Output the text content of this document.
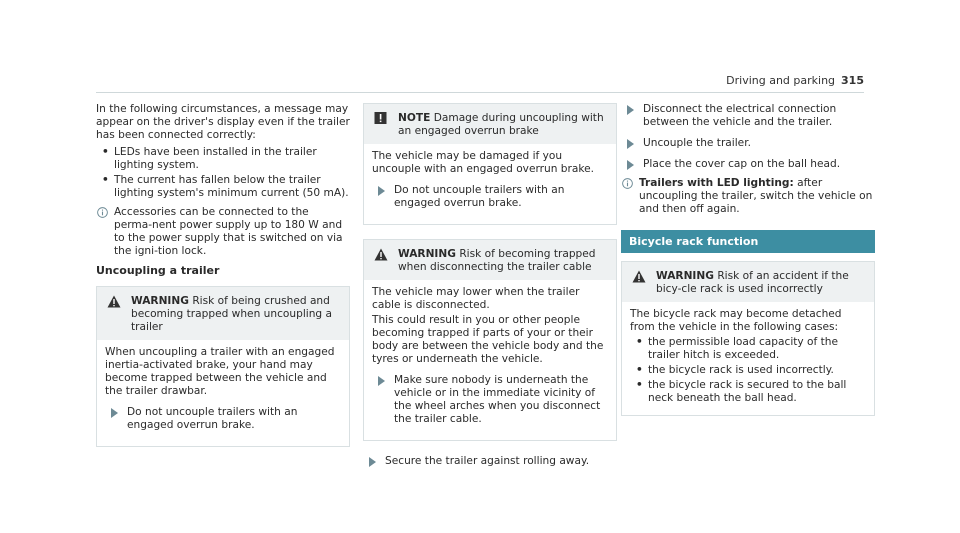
Driving and parking 315

In the following circumstances, a message may appear on the driver's display even if the trailer has been connected correctly:

• LEDs have been installed in the trailer lighting system.
• The current has fallen below the trailer lighting system's minimum current (50 mA).
Accessories can be connected to the perma-nent power supply up to 180 W and to the power supply that is switched on via the igni-tion lock.
Uncoupling a trailer
WARNING Risk of being crushed and becoming trapped when uncoupling a trailer

When uncoupling a trailer with an engaged inertia-activated brake, your hand may become trapped between the vehicle and the trailer drawbar.

Do not uncouple trailers with an engaged overrun brake.
NOTE Damage during uncoupling with an engaged overrun brake

The vehicle may be damaged if you uncouple with an engaged overrun brake.

Do not uncouple trailers with an engaged overrun brake.
WARNING Risk of becoming trapped when disconnecting the trailer cable

The vehicle may lower when the trailer cable is disconnected.

This could result in you or other people becoming trapped if parts of your or their body are between the vehicle body and the tyres or underneath the vehicle.

Make sure nobody is underneath the vehicle or in the immediate vicinity of the wheel arches when you disconnect the trailer cable.
Secure the trailer against rolling away.
Disconnect the electrical connection between the vehicle and the trailer.
Uncouple the trailer.
Place the cover cap on the ball head.
Trailers with LED lighting: after uncoupling the trailer, switch the vehicle on and then off again.
Bicycle rack function
WARNING Risk of an accident if the bicy-cle rack is used incorrectly

The bicycle rack may become detached from the vehicle in the following cases:

• the permissible load capacity of the trailer hitch is exceeded.
• the bicycle rack is used incorrectly.
• the bicycle rack is secured to the ball neck beneath the ball head.
